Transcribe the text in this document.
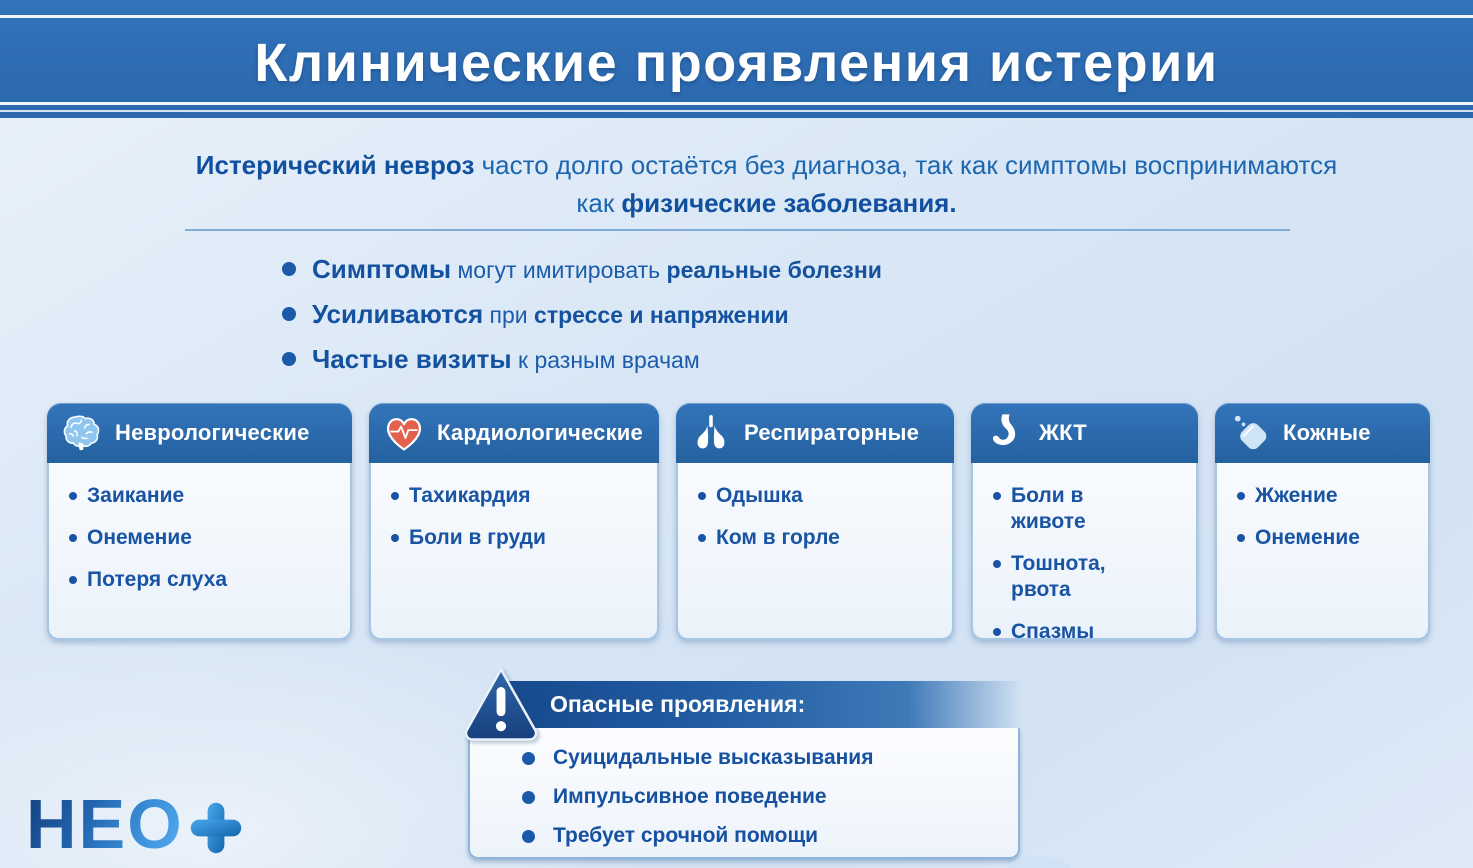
Клинические проявления истерии
Истерический невроз часто долго остаётся без диагноза, так как симптомы воспринимаются
как физические заболевания.
Симптомы могут имитировать реальные болезни
Усиливаются при стрессе и напряжении
Частые визиты к разным врачам
Неврологические
Заикание
Онемение
Потеря слуха
Кардиологические
Тахикардия
Боли в груди
Респираторные
Одышка
Ком в горле
ЖКТ
Боли в животе
Тошнота, рвота
Спазмы
Кожные
Жжение
Онемение
Суицидальные высказывания
Импульсивное поведение
Требует срочной помощи
Опасные проявления:
НЕО
